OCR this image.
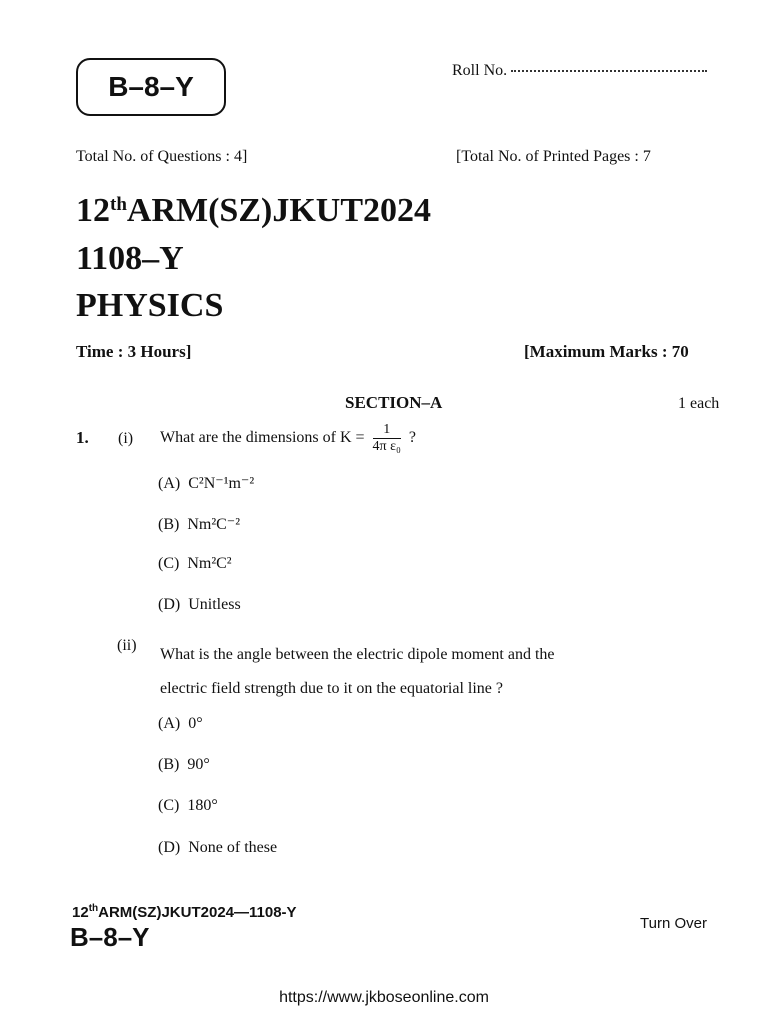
B–8–Y
Roll No.
Total No. of Questions : 4]	[Total No. of Printed Pages : 7
12thARM(SZ)JKUT2024
1108–Y
PHYSICS
Time : 3 Hours]	[Maximum Marks : 70
SECTION–A	1 each
1. (i) What are the dimensions of $K = \frac{1}{\text{4π ε₀}}$ ?
(A) C²N⁻¹m⁻²
(B) Nm²C⁻²
(C) Nm²C²
(D) Unitless
(ii)
What is the angle between the electric dipole moment and the
electric field strength due to it on the equatorial line ?
(A) 0°
(B) 90°
(C) 180°
(D) None of these
12thARM(SZ)JKUT2024—1108-Y
B–8–Y	Turn Over
https://www.jkboseonline.com
